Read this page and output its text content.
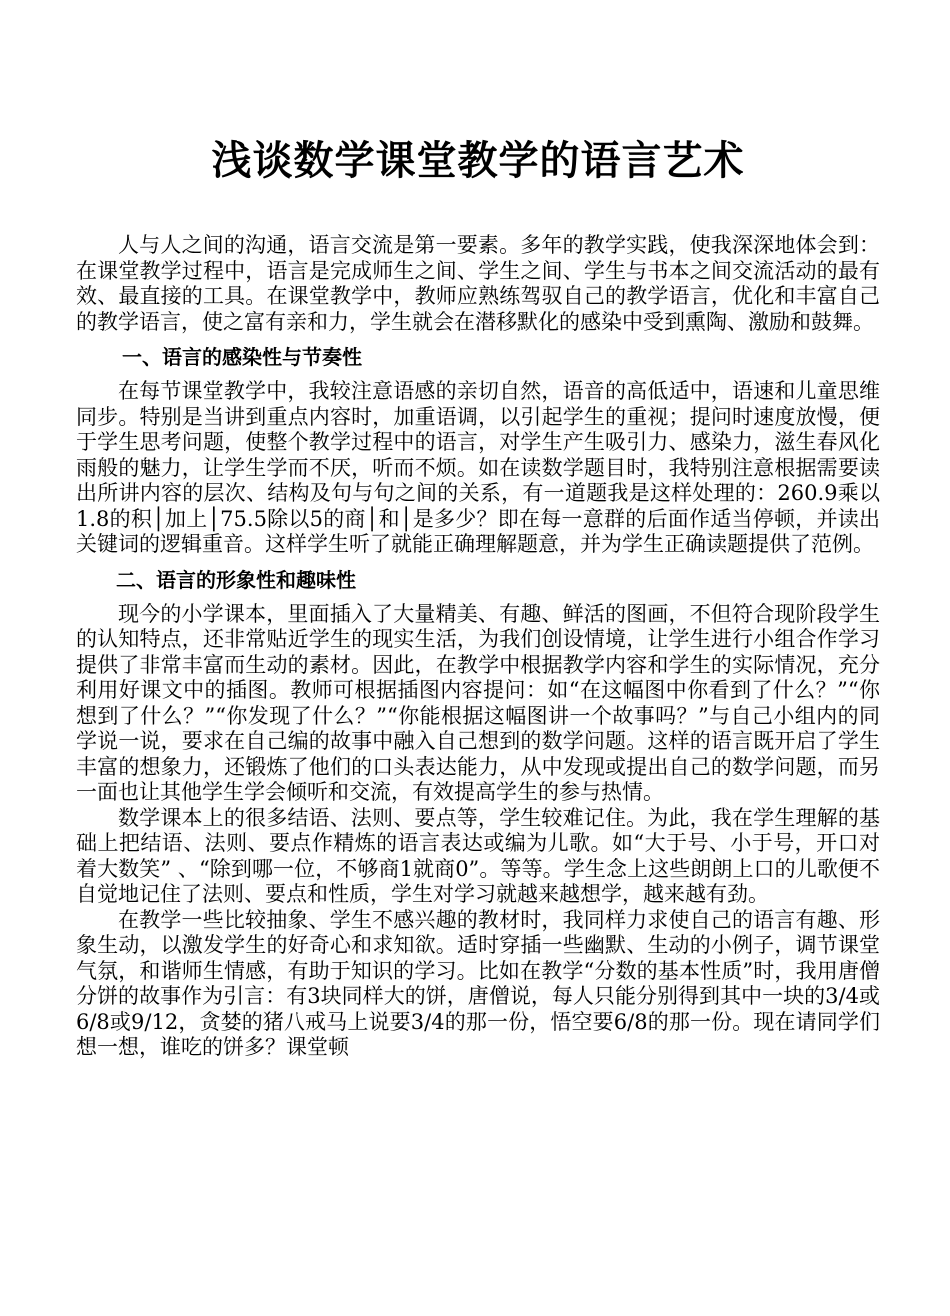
浅谈数学课堂教学的语言艺术

人与人之间的沟通，语言交流是第一要素。多年的教学实践，使我深深地体会到：在课堂教学过程中，语言是完成师生之间、学生之间、学生与书本之间交流活动的最有效、最直接的工具。在课堂教学中，教师应熟练驾驭自己的教学语言，优化和丰富自己的教学语言，使之富有亲和力，学生就会在潜移默化的感染中受到熏陶、激励和鼓舞。

一、语言的感染性与节奏性

在每节课堂教学中，我较注意语感的亲切自然，语音的高低适中，语速和儿童思维同步。特别是当讲到重点内容时，加重语调，以引起学生的重视；提问时速度放慢，便于学生思考问题，使整个教学过程中的语言，对学生产生吸引力、感染力，滋生春风化雨般的魅力，让学生学而不厌，听而不烦。如在读数学题目时，我特别注意根据需要读出所讲内容的层次、结构及句与句之间的关系，有一道题我是这样处理的：260.9乘以1.8的积│加上│75.5除以5的商│和│是多少？即在每一意群的后面作适当停顿，并读出关键词的逻辑重音。这样学生听了就能正确理解题意，并为学生正确读题提供了范例。

二、语言的形象性和趣味性

现今的小学课本，里面插入了大量精美、有趣、鲜活的图画，不但符合现阶段学生的认知特点，还非常贴近学生的现实生活，为我们创设情境，让学生进行小组合作学习提供了非常丰富而生动的素材。因此，在教学中根据教学内容和学生的实际情况，充分利用好课文中的插图。教师可根据插图内容提问：如“在这幅图中你看到了什么？”“你想到了什么？”“你发现了什么？”“你能根据这幅图讲一个故事吗？”与自己小组内的同学说一说，要求在自己编的故事中融入自己想到的数学问题。这样的语言既开启了学生丰富的想象力，还锻炼了他们的口头表达能力，从中发现或提出自己的数学问题，而另一面也让其他学生学会倾听和交流，有效提高学生的参与热情。

数学课本上的很多结语、法则、要点等，学生较难记住。为此，我在学生理解的基础上把结语、法则、要点作精炼的语言表达或编为儿歌。如“大于号、小于号，开口对着大数笑” 、“除到哪一位，不够商1就商0”。等等。学生念上这些朗朗上口的儿歌便不自觉地记住了法则、要点和性质，学生对学习就越来越想学，越来越有劲。

在教学一些比较抽象、学生不感兴趣的教材时，我同样力求使自己的语言有趣、形象生动，以激发学生的好奇心和求知欲。适时穿插一些幽默、生动的小例子，调节课堂气氛，和谐师生情感，有助于知识的学习。比如在教学“分数的基本性质”时，我用唐僧分饼的故事作为引言：有3块同样大的饼，唐僧说，每人只能分别得到其中一块的3/4或6/8或9/12，贪婪的猪八戒马上说要3/4的那一份，悟空要6/8的那一份。现在请同学们想一想，谁吃的饼多？课堂顿
